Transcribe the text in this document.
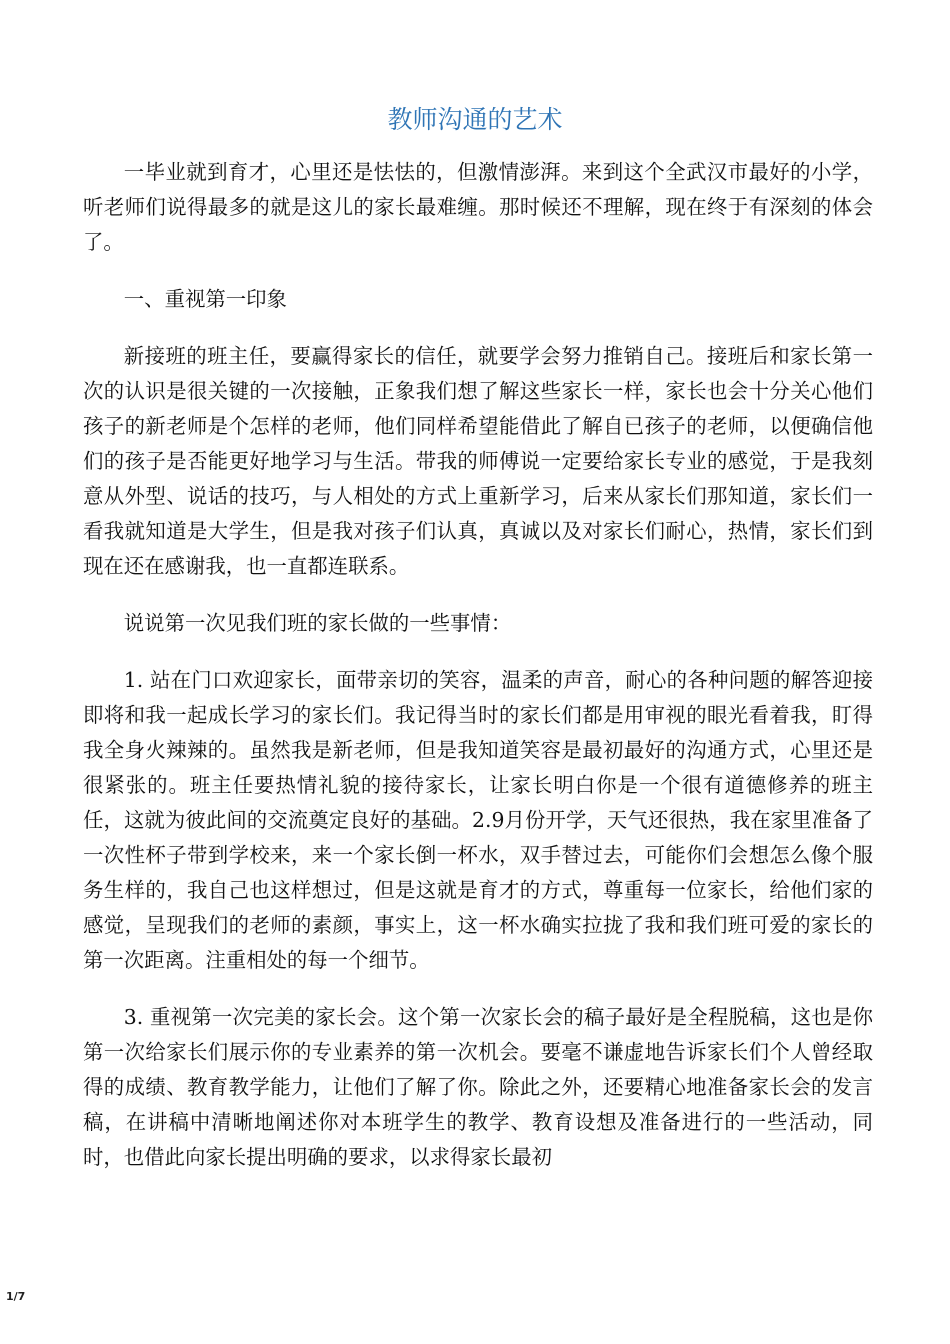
教师沟通的艺术

一毕业就到育才，心里还是怯怯的，但激情澎湃。来到这个全武汉市最好的小学，听老师们说得最多的就是这儿的家长最难缠。那时候还不理解，现在终于有深刻的体会了。

一、重视第一印象

新接班的班主任，要赢得家长的信任，就要学会努力推销自己。接班后和家长第一次的认识是很关键的一次接触，正象我们想了解这些家长一样，家长也会十分关心他们孩子的新老师是个怎样的老师，他们同样希望能借此了解自已孩子的老师，以便确信他们的孩子是否能更好地学习与生活。带我的师傅说一定要给家长专业的感觉，于是我刻意从外型、说话的技巧，与人相处的方式上重新学习，后来从家长们那知道，家长们一看我就知道是大学生，但是我对孩子们认真，真诚以及对家长们耐心，热情，家长们到现在还在感谢我，也一直都连联系。

说说第一次见我们班的家长做的一些事情：

1. 站在门口欢迎家长，面带亲切的笑容，温柔的声音，耐心的各种问题的解答迎接即将和我一起成长学习的家长们。我记得当时的家长们都是用审视的眼光看着我，盯得我全身火辣辣的。虽然我是新老师，但是我知道笑容是最初最好的沟通方式，心里还是很紧张的。班主任要热情礼貌的接待家长，让家长明白你是一个很有道德修养的班主任，这就为彼此间的交流奠定良好的基础。2.9月份开学，天气还很热，我在家里准备了一次性杯子带到学校来，来一个家长倒一杯水，双手替过去，可能你们会想怎么像个服务生样的，我自己也这样想过，但是这就是育才的方式，尊重每一位家长，给他们家的感觉，呈现我们的老师的素颜，事实上，这一杯水确实拉拢了我和我们班可爱的家长的第一次距离。注重相处的每一个细节。

3. 重视第一次完美的家长会。这个第一次家长会的稿子最好是全程脱稿，这也是你第一次给家长们展示你的专业素养的第一次机会。要毫不谦虚地告诉家长们个人曾经取得的成绩、教育教学能力，让他们了解了你。除此之外，还要精心地准备家长会的发言稿，在讲稿中清晰地阐述你对本班学生的教学、教育设想及准备进行的一些活动，同时，也借此向家长提出明确的要求，以求得家长最初

1/7
